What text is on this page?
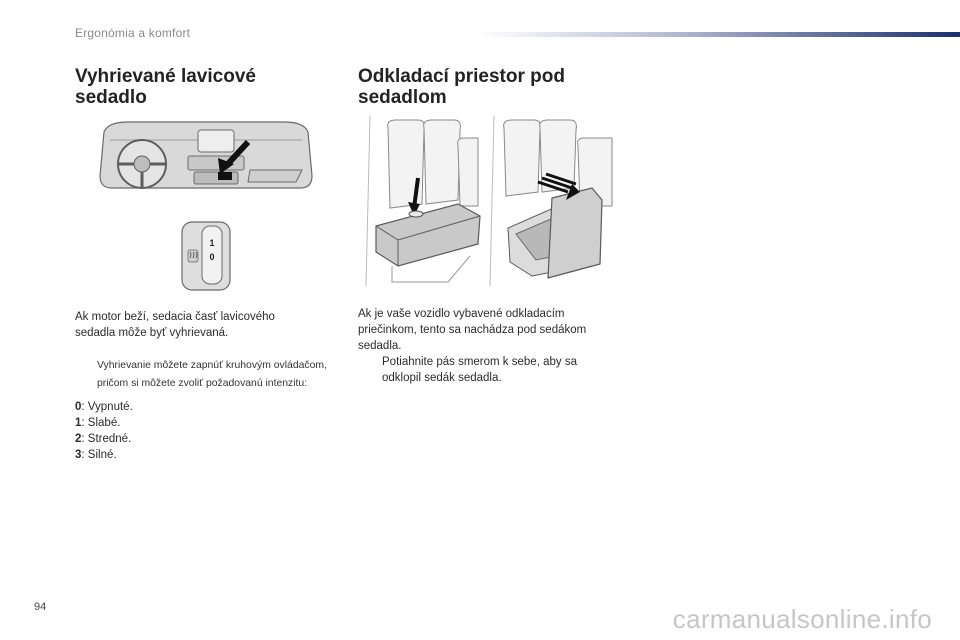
Ergonómia a komfort
Vyhrievané lavicové sedadlo
1
0

Ak motor beží, sedacia časť lavicového sedadla môže byť vyhrievaná.

Vyhrievanie môžete zapnúť kruhovým ovládačom, pričom si môžete zvoliť požadovanú intenzitu:
0: Vypnuté.
1: Slabé.
2: Stredné.
3: Silné.
Odkladací priestor pod sedadlom

Ak je vaše vozidlo vybavené odkladacím priečinkom, tento sa nachádza pod sedákom sedadla.

Potiahnite pás smerom k sebe, aby sa odklopil sedák sedadla.
94	carmanualsonline.info
